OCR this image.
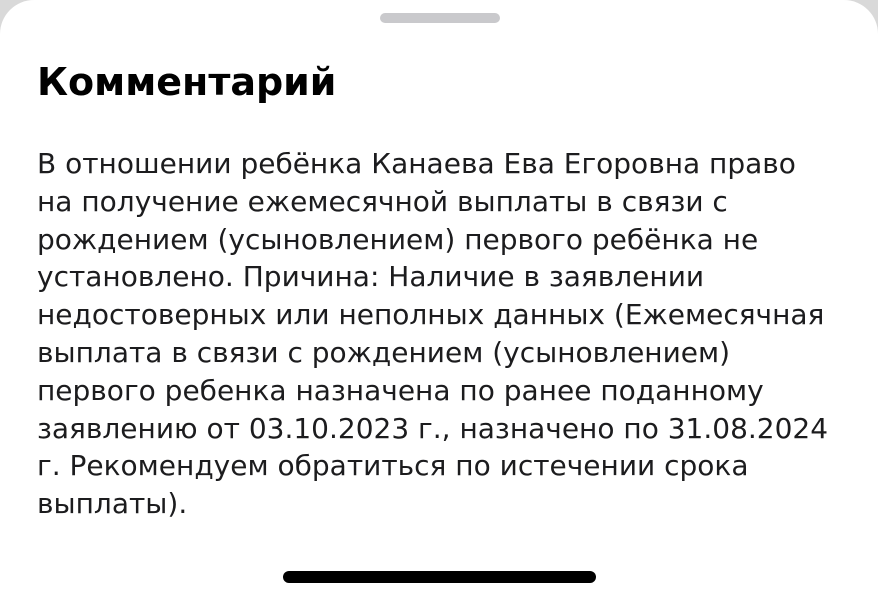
Комментарий

В отношении ребёнка Канаева Ева Егоровна право
на получение ежемесячной выплаты в связи с
рождением (усыновлением) первого ребёнка не
установлено. Причина: Наличие в заявлении
недостоверных или неполных данных (Ежемесячная
выплата в связи с рождением (усыновлением)
первого ребенка назначена по ранее поданному
заявлению от 03.10.2023 г., назначено по 31.08.2024
г. Рекомендуем обратиться по истечении срока
выплаты).
